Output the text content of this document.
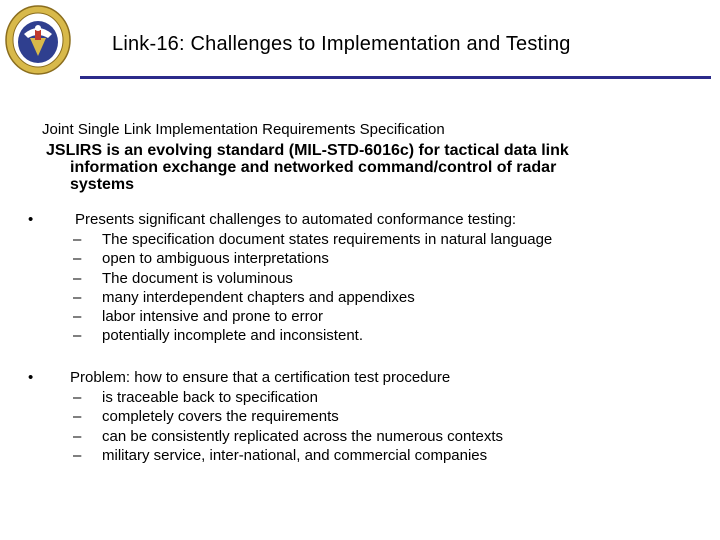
Link-16: Challenges to Implementation and Testing
Joint Single Link Implementation Requirements Specification
JSLIRS is an evolving standard (MIL-STD-6016c) for tactical data link
information exchange and networked command/control of radar
systems
•	Presents significant challenges to automated conformance testing:
– The specification document states requirements in natural language
– open to ambiguous interpretations
– The document is voluminous
– many interdependent chapters and appendixes
– labor intensive and prone to error
– potentially incomplete and inconsistent.
• Problem: how to ensure that a certification test procedure
– is traceable back to specification
– completely covers the requirements
– can be consistently replicated across the numerous contexts
– military service, inter-national, and commercial companies
